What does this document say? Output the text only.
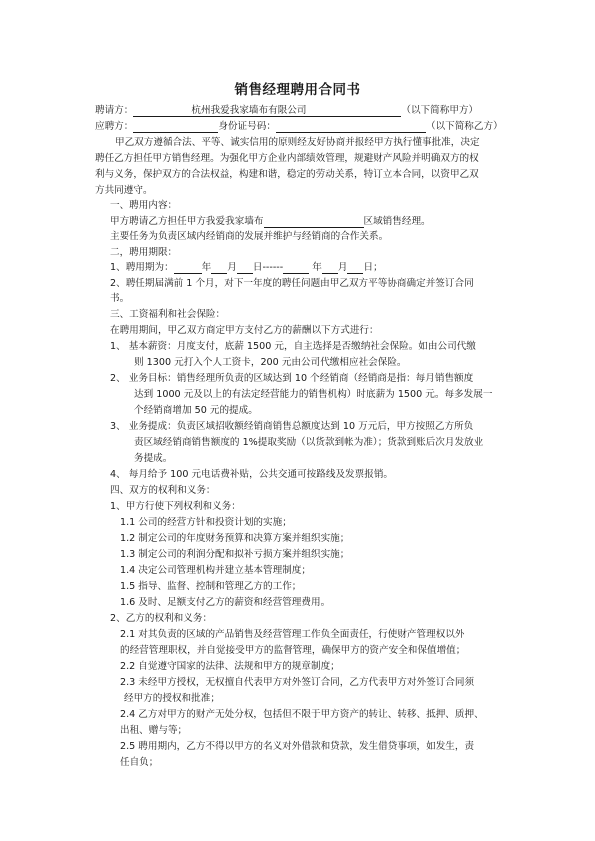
销售经理聘用合同书
聘请方：	杭州我爱我家墙布有限公司	（以下简称甲方）
应聘方：	身份证号码：	（以下简称乙方）
甲乙双方遵循合法、平等、诚实信用的原则经友好协商并报经甲方执行懂事批准，决定
聘任乙方担任甲方销售经理。为强化甲方企业内部绩效管理，规避财产风险并明确双方的权
利与义务，保护双方的合法权益，构建和谐，稳定的劳动关系，特订立本合同，以资甲乙双
方共同遵守。
一、聘用内容：
甲方聘请乙方担任甲方我爱我家墙布	区域销售经理。
主要任务为负责区域内经销商的发展并维护与经销商的合作关系。
二，聘用期限：
1、聘用期为：	年 月 日------	年 月 日；
2、聘任期届满前 1 个月，对下一年度的聘任问题由甲乙双方平等协商确定并签订合同
书。
三、工资福利和社会保险：
在聘用期间，甲乙双方商定甲方支付乙方的薪酬以下方式进行：
1、 基本薪资：月度支付，底薪 1500 元，自主选择是否缴纳社会保险。如由公司代缴
则 1300 元打入个人工资卡，200 元由公司代缴相应社会保险。
2、 业务目标：销售经理所负责的区域达到 10 个经销商（经销商是指：每月销售额度
达到 1000 元及以上的有法定经营能力的销售机构）时底薪为 1500 元。每多发展一
个经销商增加 50 元的提成。
3、 业务提成：负责区域招收额经销商销售总额度达到 10 万元后，甲方按照乙方所负
责区域经销商销售额度的 1%提取奖励（以货款到帐为准）；货款到账后次月发放业
务提成。
4、 每月给予 100 元电话费补贴，公共交通可按路线及发票报销。
四、双方的权利和义务：
1、甲方行使下列权利和义务：
1.1 公司的经营方针和投资计划的实施；
1.2 制定公司的年度财务预算和决算方案并组织实施；
1.3 制定公司的利润分配和拟补亏损方案并组织实施；
1.4 决定公司管理机构并建立基本管理制度；
1.5 指导、监督、控制和管理乙方的工作；
1.6 及时、足额支付乙方的薪资和经营管理费用。
2、乙方的权利和义务：
2.1 对其负责的区域的产品销售及经营管理工作负全面责任，行使财产管理权以外
的经营管理职权，并自觉接受甲方的监督管理，确保甲方的资产安全和保值增值；
2.2 自觉遵守国家的法律、法规和甲方的规章制度；
2.3 未经甲方授权，无权擅自代表甲方对外签订合同，乙方代表甲方对外签订合同须
经甲方的授权和批准；
2.4 乙方对甲方的财产无处分权，包括但不限于甲方资产的转让、转移、抵押、质押、
出租、赠与等；
2.5 聘用期内，乙方不得以甲方的名义对外借款和贷款，发生借贷事项，如发生，责
任自负；
